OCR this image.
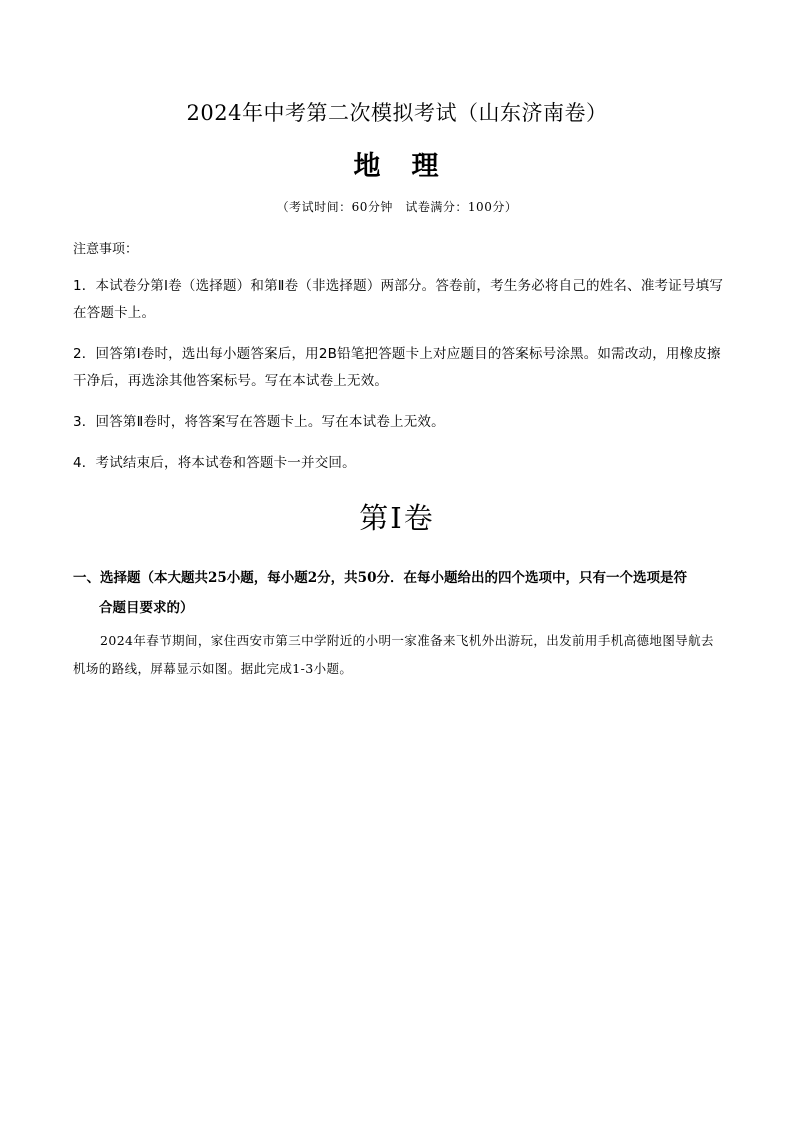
2024年中考第二次模拟考试（山东济南卷）
地　理
（考试时间：60分钟　试卷满分：100分）
注意事项：
1．本试卷分第Ⅰ卷（选择题）和第Ⅱ卷（非选择题）两部分。答卷前，考生务必将自己的姓名、准考证号填写在答题卡上。
2．回答第Ⅰ卷时，选出每小题答案后，用2B铅笔把答题卡上对应题目的答案标号涂黑。如需改动，用橡皮擦干净后，再选涂其他答案标号。写在本试卷上无效。
3．回答第Ⅱ卷时，将答案写在答题卡上。写在本试卷上无效。
4．考试结束后，将本试卷和答题卡一并交回。
第Ⅰ卷
一、选择题（本大题共25小题，每小题2分，共50分．在每小题给出的四个选项中，只有一个选项是符
合题目要求的）
2024年春节期间，家住西安市第三中学附近的小明一家准备来飞机外出游玩，出发前用手机高德地图导航去机场的路线，屏幕显示如图。据此完成1-3小题。
